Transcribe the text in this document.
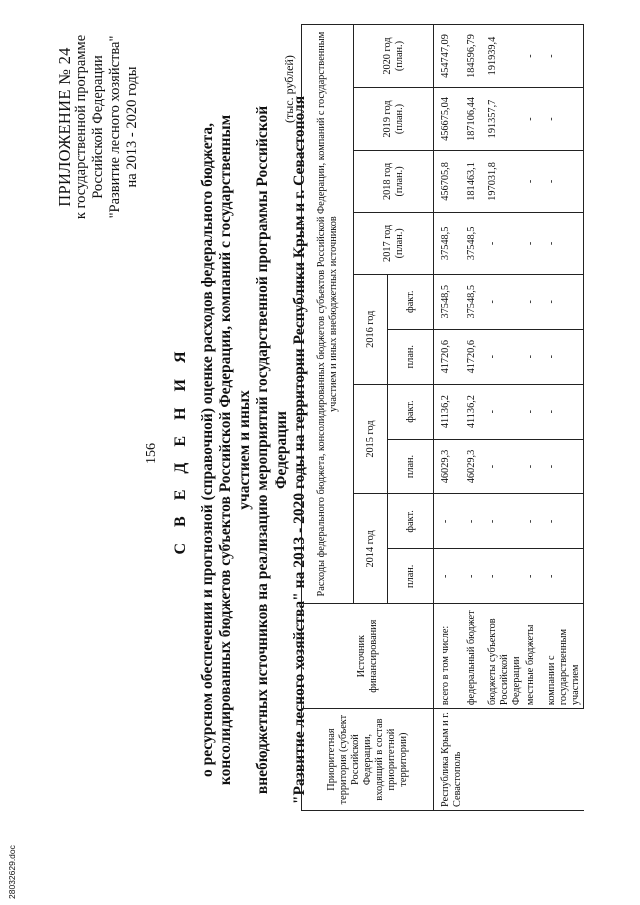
156
ПРИЛОЖЕНИЕ № 24 к государственной программе Российской Федерации "Развитие лесного хозяйства" на 2013 - 2020 годы
С В Е Д Е Н И Я о ресурсном обеспечении и прогнозной (справочной) оценке расходов федерального бюджета, консолидированных бюджетов субъектов Российской Федерации, компаний с государственным участием и иных внебюджетных источников на реализацию мероприятий государственной программы Российской Федерации "Развитие лесного хозяйства" на 2013 - 2020 годы на территории Республики Крым и г. Севастополя
(тыс. рублей)
Приоритетная территория (субъект Российской Федерации, входящий в состав приоритетной территории)	Источник финансирования	Расходы федерального бюджета, консолидированных бюджетов субъектов Российской Федерации, компаний с государственным участием и иных внебюджетных источников									
		2014 год		2015 год		2016 год		2017 год (план.)	2018 год (план.)	2019 год (план.)	2020 год (план.)
		план.	факт.	план.	факт.	план.	факт.				
Республика Крым и г. Севастополь	всего в том числе:	-	-	46029,3	41136,2	41720,6	37548,5	37548,5	456705,8	456675,04	454747,09
	федеральный бюджет	-	-	46029,3	41136,2	41720,6	37548,5	37548,5	181463,1	187106,44	184596,79
	бюджеты субъектов Российской Федерации	-	-	-	-	-	-	-	197031,8	191357,7	191939,4
	местные бюджеты	-	-	-	-	-	-	-	-	-	-
	компании с государственным участием	-	-	-	-	-	-	-	-	-	-
28032629.doc
